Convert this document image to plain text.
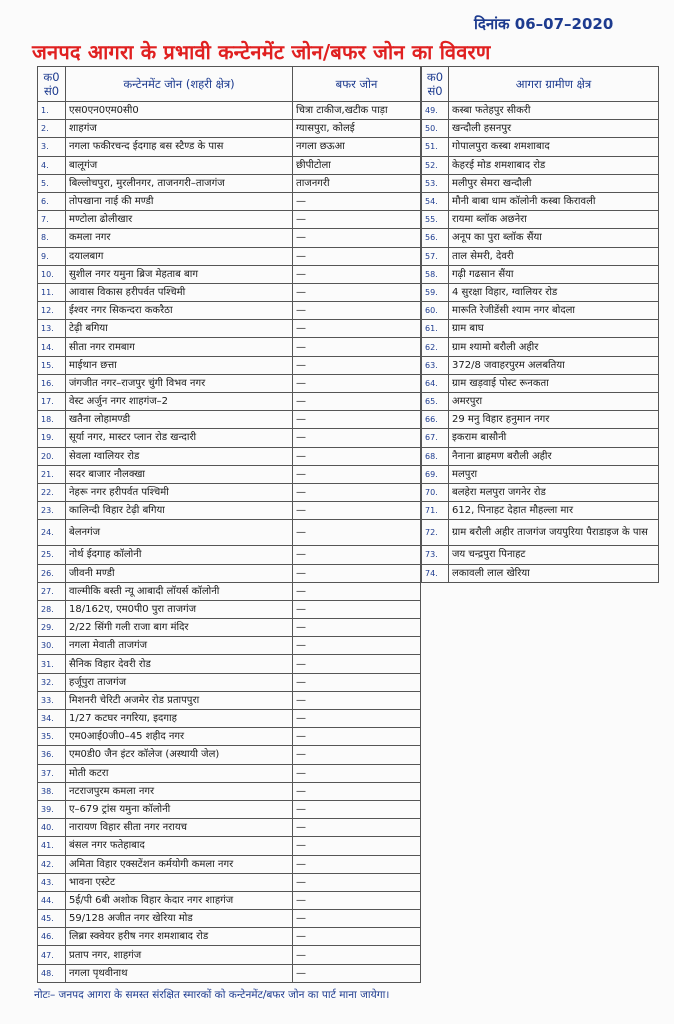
दिनांक 06–07–2020
जनपद आगरा के प्रभावी कन्टेनमेंट जोन/बफर जोन का विवरण
क0 सं0	कन्टेनमेंट जोन (शहरी क्षेत्र)	बफर जोन
1.	एस0एन0एम0सी0	चित्रा टाकीज,खटीक पाड़ा
2.	शाहगंज	ग्यासपुरा, कोलई
3.	नगला फकीरचन्द ईदगाह बस स्टैण्ड के पास	नगला छऊआ
4.	बालूगंज	छीपीटोला
5.	बिल्लोचपुरा, मुरलीनगर, ताजनगरी–ताजगंज	ताजनगरी
6.	तोपखाना नाई की मण्डी	—
7.	मण्टोला ढोलीखार	—
8.	कमला नगर	—
9.	दयालबाग	—
10.	सुशील नगर यमुना ब्रिज मेहताब बाग	—
11.	आवास विकास हरीपर्वत पश्चिमी	—
12.	ईश्वर नगर सिकन्दरा ककरैठा	—
13.	टेढ़ी बगिया	—
14.	सीता नगर रामबाग	—
15.	माईथान छत्ता	—
16.	जंगजीत नगर–राजपुर चुंगी विभव नगर	—
17.	वेस्ट अर्जुन नगर शाहगंज–2	—
18.	खतैना लोहामण्डी	—
19.	सूर्या नगर, मास्टर प्लान रोड खन्दारी	—
20.	सेवला ग्वालियर रोड	—
21.	सदर बाजार नौलक्खा	—
22.	नेहरू नगर हरीपर्वत पश्चिमी	—
23.	कालिन्दी विहार टेढ़ी बगिया	—
24.	बेलनगंज	—
25.	नोर्थ ईदगाह कॉलोनी	—
26.	जीवनी मण्डी	—
27.	वाल्मीकि बस्ती न्यू आबादी लॉयर्स कॉलोनी	—
28.	18/162ए, एम0पी0 पुरा ताजगंज	—
29.	2/22 सिंगी गली राजा बाग मंदिर	—
30.	नगला मेवाती ताजगंज	—
31.	सैनिक विहार देवरी रोड	—
32.	हर्जूपुरा ताजगंज	—
33.	मिशनरी चेरिटी अजमेर रोड प्रतापपुरा	—
34.	1/27 कटघर नगरिया, इदगाह	—
35.	एम0आई0जी0–45 शहीद नगर	—
36.	एम0डी0 जैन इंटर कॉलेज (अस्थायी जेल)	—
37.	मोती कटरा	—
38.	नटराजपुरम कमला नगर	—
39.	ए–679 ट्रांस यमुना कॉलोनी	—
40.	नारायण विहार सीता नगर नरायच	—
41.	बंसल नगर फतेहाबाद	—
42.	अमिता विहार एक्सटेंशन कर्मयोगी कमला नगर	—
43.	भावना एस्टेट	—
44.	5ई/पी 6बी अशोक विहार केदार नगर शाहगंज	—
45.	59/128 अजीत नगर खेरिया मोड	—
46.	लिब्रा स्क्वेयर हरीष नगर शमशाबाद रोड	—
47.	प्रताप नगर, शाहगंज	—
48.	नगला पृथवीनाथ	—
क0 सं0	आगरा ग्रामीण क्षेत्र
49.	कस्बा फतेहपुर सीकरी
50.	खन्दौली हसनपुर
51.	गोपालपुरा कस्बा शमशाबाद
52.	केहरई मोड शमशाबाद रोड
53.	मलीपुर सेमरा खन्दौली
54.	मौनी बाबा धाम कॉलोनी कस्बा किरावली
55.	रायमा ब्लॉक अछनेरा
56.	अनूप का पुरा ब्लॉक सैंया
57.	ताल सेमरी, देवरी
58.	गढ़ी गढसान सैंया
59.	4 सुरक्षा विहार, ग्वालियर रोड
60.	मारूति रेजीडेंसी श्याम नगर बोदला
61.	ग्राम बाघ
62.	ग्राम श्यामो बरौली अहीर
63.	372/8 जवाहरपुरम अलबतिया
64.	ग्राम खड़वाई पोस्ट रूनकता
65.	अमरपुरा
66.	29 मनु विहार हनुमान नगर
67.	इकराम बासौनी
68.	नैनाना ब्राहमण बरौली अहीर
69.	मलपुरा
70.	बलहेरा मलपुरा जगनेर रोड
71.	612, पिनाहट देहात मौहल्ला मार
72.	ग्राम बरौली अहीर ताजगंज जयपुरिया पैराडाइज के पास
73.	जय चन्द्रपुरा पिनाहट
74.	लकावली लाल खेरिया
नोटः– जनपद आगरा के समस्त संरक्षित स्मारकों को कन्टेनमेंट/बफर जोन का पार्ट माना जायेगा।
